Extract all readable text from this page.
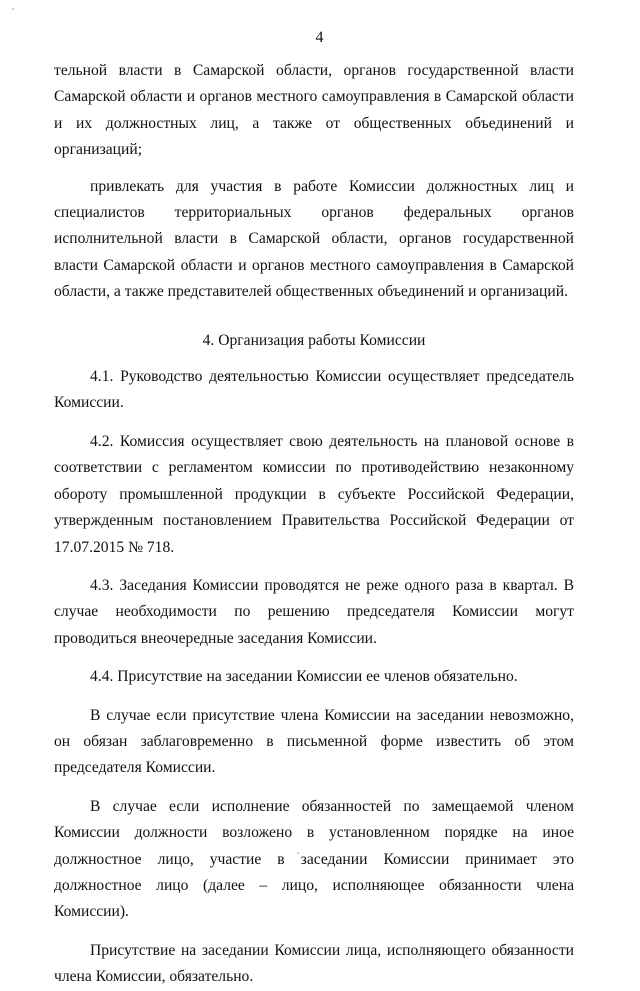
4

тельной власти в Самарской области, органов государственной власти Самарской области и органов местного самоуправления в Самарской области и их должностных лиц, а также от общественных объединений и организаций;

привлекать для участия в работе Комиссии должностных лиц и специалистов территориальных органов федеральных органов исполнительной власти в Самарской области, органов государственной власти Самарской области и органов местного самоуправления в Самарской области, а также представителей общественных объединений и организаций.

4. Организация работы Комиссии

4.1. Руководство деятельностью Комиссии осуществляет председатель Комиссии.

4.2. Комиссия осуществляет свою деятельность на плановой основе в соответствии с регламентом комиссии по противодействию незаконному обороту промышленной продукции в субъекте Российской Федерации, утвержденным постановлением Правительства Российской Федерации от 17.07.2015 № 718.

4.3. Заседания Комиссии проводятся не реже одного раза в квартал. В случае необходимости по решению председателя Комиссии могут проводиться внеочередные заседания Комиссии.

4.4. Присутствие на заседании Комиссии ее членов обязательно.

В случае если присутствие члена Комиссии на заседании невозможно, он обязан заблаговременно в письменной форме известить об этом председателя Комиссии.

В случае если исполнение обязанностей по замещаемой членом Комиссии должности возложено в установленном порядке на иное должностное лицо, участие в заседании Комиссии принимает это должностное лицо (далее – лицо, исполняющее обязанности члена Комиссии).

Присутствие на заседании Комиссии лица, исполняющего обязанности члена Комиссии, обязательно.
